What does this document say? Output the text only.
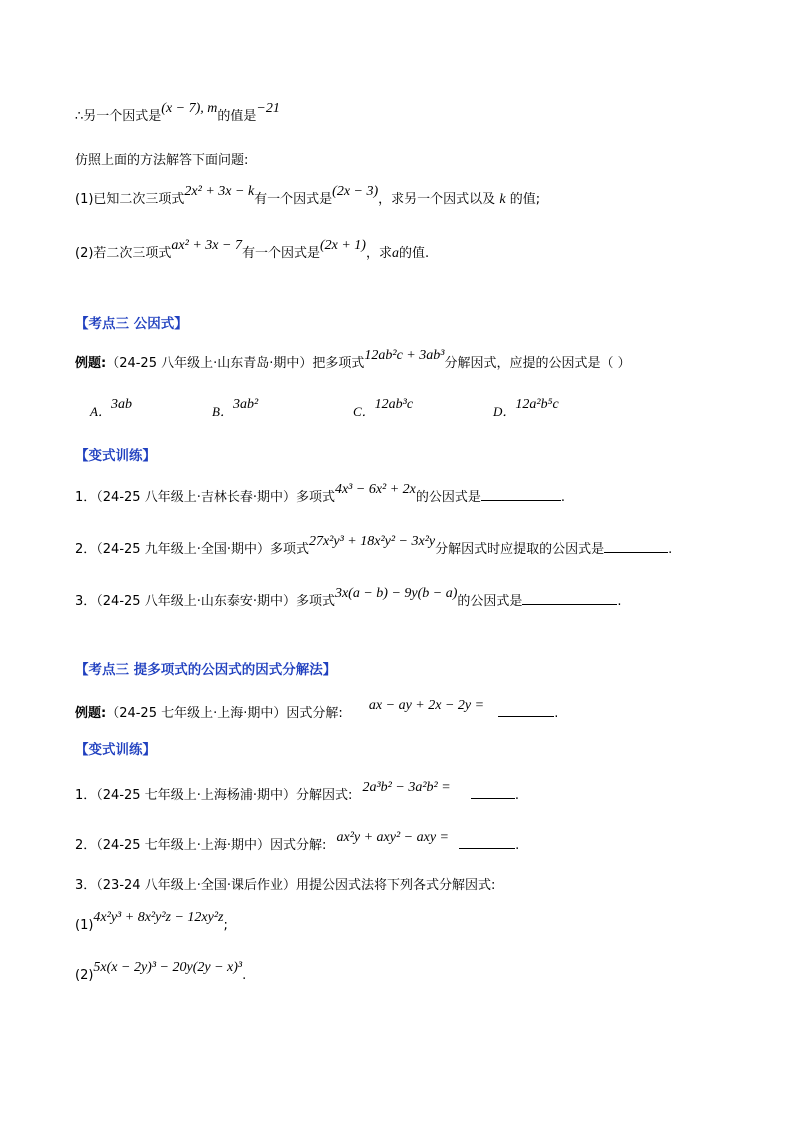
∴另一个因式是(x − 7), m的值是−21
仿照上面的方法解答下面问题:
(1)已知二次三项式2x² + 3x − k有一个因式是(2x − 3)，求另一个因式以及 k 的值;
(2)若二次三项式ax² + 3x − 7有一个因式是(2x + 1)，求a的值.
【考点三 公因式】
例题:（24-25 八年级上·山东青岛·期中）把多项式12ab²c + 3ab³分解因式，应提的公因式是（ ）
A．3ab	B．3ab²	C．12ab³c	D．12a²b⁵c
【变式训练】
1．（24-25 八年级上·吉林长春·期中）多项式4x³ − 6x² + 2x的公因式是	.
2．（24-25 九年级上·全国·期中）多项式27x²y³ + 18x²y² − 3x²y分解因式时应提取的公因式是	.
3．（24-25 八年级上·山东泰安·期中）多项式3x(a − b) − 9y(b − a)的公因式是	.
【考点三 提多项式的公因式的因式分解法】
例题:（24-25 七年级上·上海·期中）因式分解: ax − ay + 2x − 2y = .
【变式训练】
1．（24-25 七年级上·上海杨浦·期中）分解因式: 2a³b² − 3a²b² = .
2．（24-25 七年级上·上海·期中）因式分解: ax²y + axy² − axy = .
3．（23-24 八年级上·全国·课后作业）用提公因式法将下列各式分解因式:
(1)4x²y³ + 8x²y²z − 12xy²z;
(2)5x(x − 2y)³ − 20y(2y − x)³.
